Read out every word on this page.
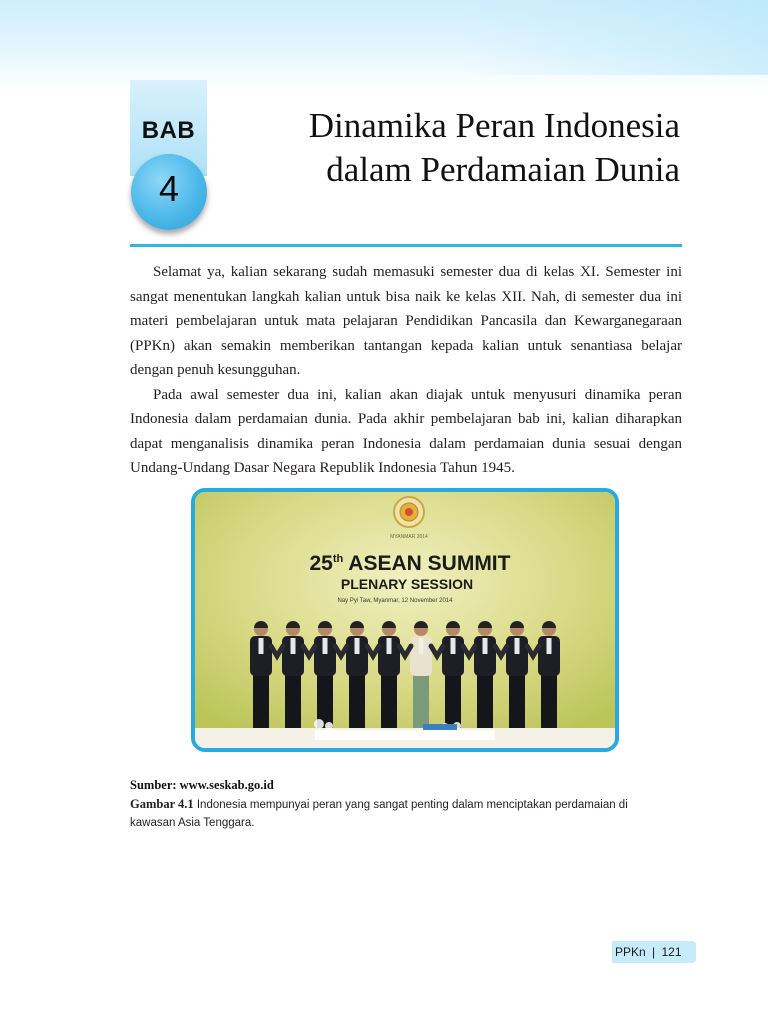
BAB
4
Dinamika Peran Indonesia
dalam Perdamaian Dunia

Selamat ya, kalian sekarang sudah memasuki semester dua di kelas XI. Semester ini sangat menentukan langkah kalian untuk bisa naik ke kelas XII. Nah, di semester dua ini materi pembelajaran untuk mata pelajaran Pendidikan Pancasila dan Kewarganegaraan (PPKn) akan semakin memberikan tantangan kepada kalian untuk senantiasa belajar dengan penuh kesungguhan.

Pada awal semester dua ini, kalian akan diajak untuk menyusuri dinamika peran Indonesia dalam perdamaian dunia. Pada akhir pembelajaran bab ini, kalian diharapkan dapat menganalisis dinamika peran Indonesia dalam perdamaian dunia sesuai dengan Undang-Undang Dasar Negara Republik Indonesia Tahun 1945.

MYANMAR 2014
25th ASEAN SUMMIT
PLENARY SESSION
Nay Pyi Taw, Myanmar, 12 November 2014
Sumber: www.seskab.go.id
Gambar 4.1 Indonesia mempunyai peran yang sangat penting dalam menciptakan perdamaian di kawasan Asia Tenggara.
PPKn | 121
